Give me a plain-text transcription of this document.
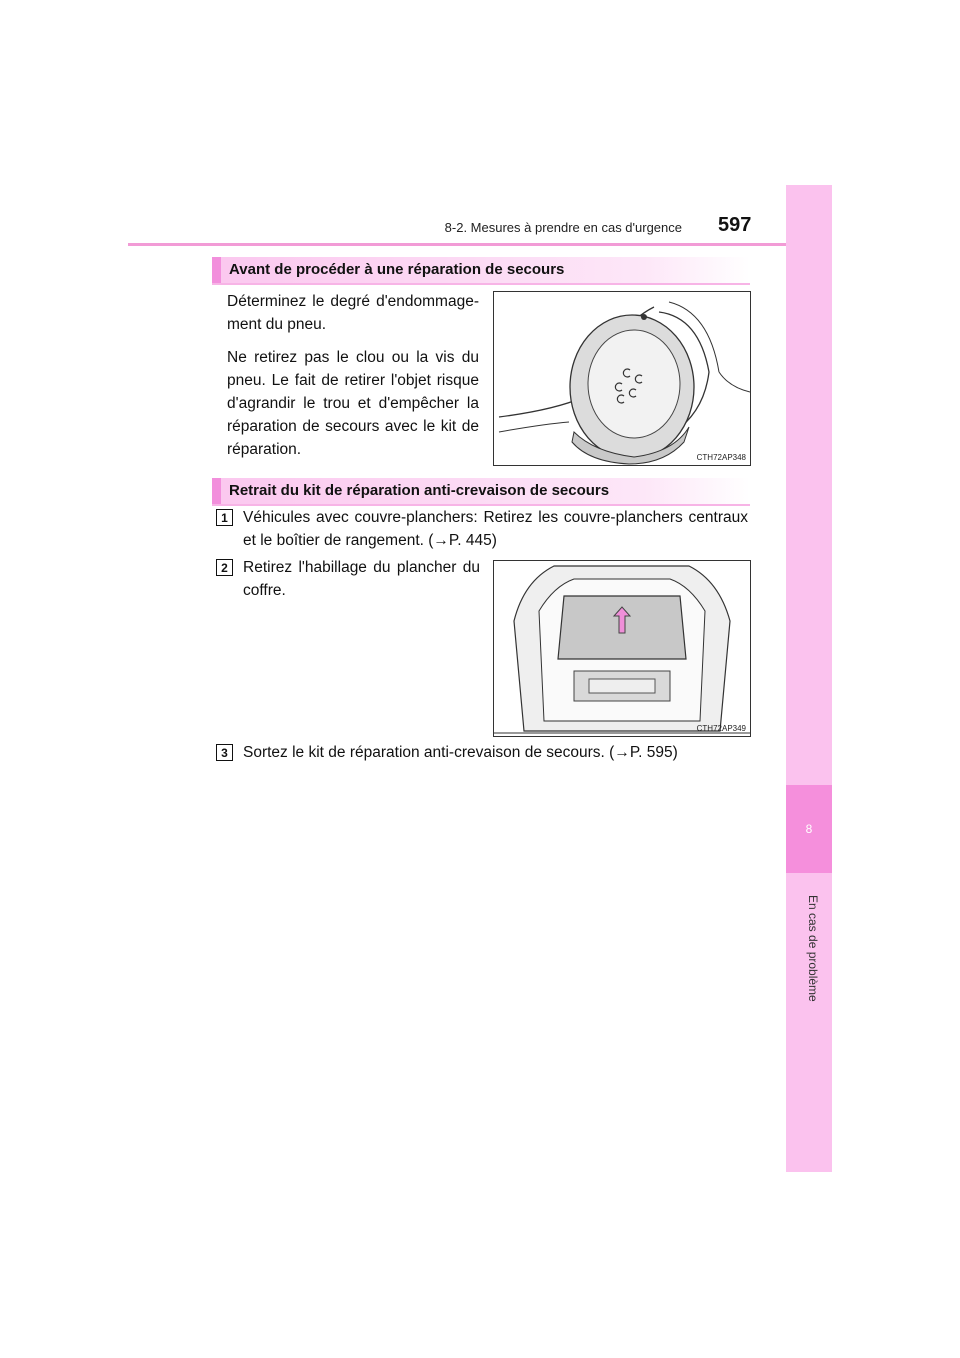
8-2. Mesures à prendre en cas d'urgence 597
8
En cas de problème
Avant de procéder à une réparation de secours
Déterminez le degré d'endommage-ment du pneu.
Ne retirez pas le clou ou la vis du pneu. Le fait de retirer l'objet risque d'agrandir le trou et d'empêcher la réparation de secours avec le kit de réparation.	CTH72AP348
Retrait du kit de réparation anti-crevaison de secours
1 Véhicules avec couvre-planchers: Retirez les couvre-planchers centraux et le boîtier de rangement. (→P. 445)
2 Retirez l'habillage du plancher du coffre.
CTH72AP349
3 Sortez le kit de réparation anti-crevaison de secours. (→P. 595)
